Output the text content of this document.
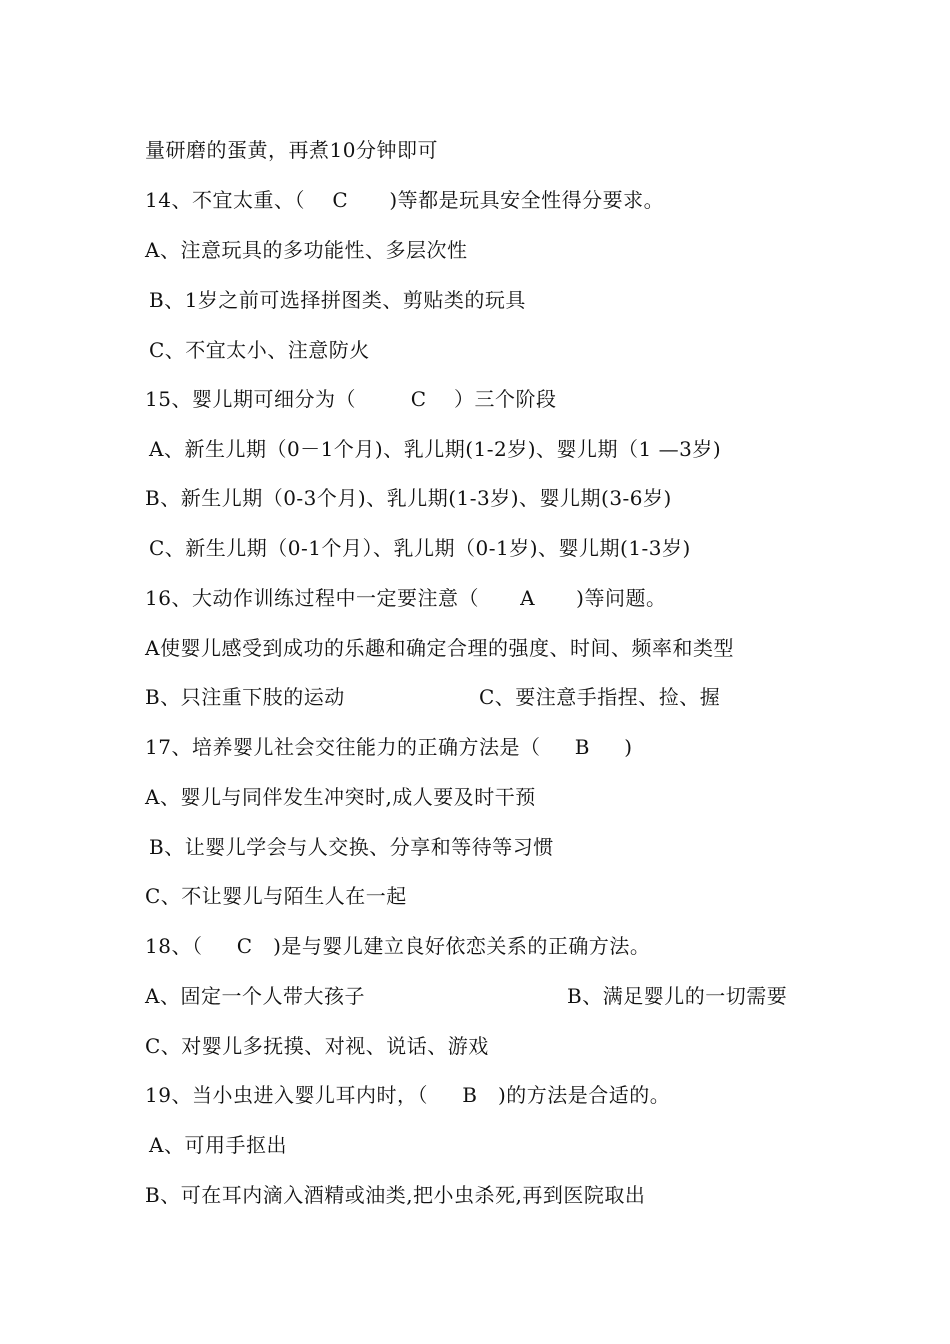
量研磨的蛋黄，再煮10分钟即可
14、不宜太重、（    C      )等都是玩具安全性得分要求。
A、注意玩具的多功能性、多层次性
B、1岁之前可选择拼图类、剪贴类的玩具
C、不宜太小、注意防火
15、婴儿期可细分为（        C    ）三个阶段
A、新生儿期（0－1个月)、乳儿期(1-2岁)、婴儿期（1 —3岁)
B、新生儿期（0-3个月)、乳儿期(1-3岁)、婴儿期(3-6岁)
C、新生儿期（0-1个月）、乳儿期（0-1岁)、婴儿期(1-3岁)
16、大动作训练过程中一定要注意（      A      )等问题。
A使婴儿感受到成功的乐趣和确定合理的强度、时间、频率和类型
B、只注重下肢的运动	C、要注意手指捏、捡、握
17、培养婴儿社会交往能力的正确方法是（     B     )
A、婴儿与同伴发生冲突时,成人要及时干预
B、让婴儿学会与人交换、分享和等待等习惯
C、不让婴儿与陌生人在一起
18、（     C   )是与婴儿建立良好依恋关系的正确方法。
A、固定一个人带大孩子	B、满足婴儿的一切需要
C、对婴儿多抚摸、对视、说话、游戏
19、当小虫进入婴儿耳内时，（     B   )的方法是合适的。
A、可用手抠出
B、可在耳内滴入酒精或油类,把小虫杀死,再到医院取出
